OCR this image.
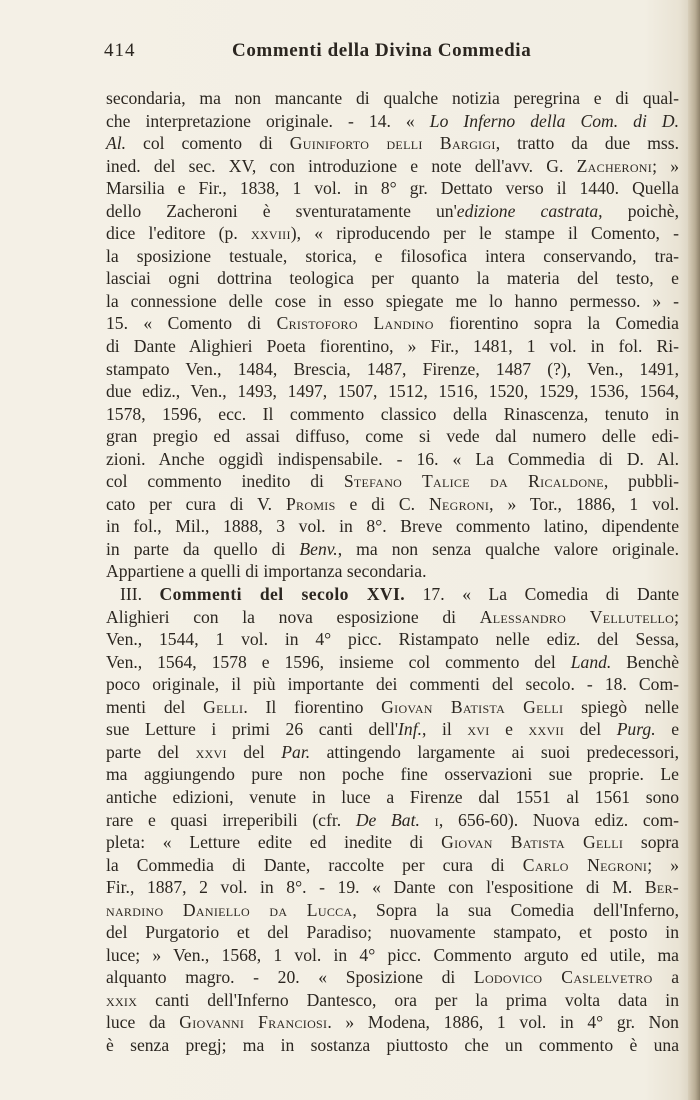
414	Commenti della Divina Commedia
secondaria, ma non mancante di qualche notizia peregrina e di qual-
che interpretazione originale. - 14. « Lo Inferno della Com. di D.
Al. col comento di Guiniforto delli Bargigi, tratto da due mss.
ined. del sec. XV, con introduzione e note dell'avv. G. Zacheroni; »
Marsilia e Fir., 1838, 1 vol. in 8° gr. Dettato verso il 1440. Quella
dello Zacheroni è sventuratamente un'edizione castrata, poichè,
dice l'editore (p. xxviii), « riproducendo per le stampe il Comento, -
la sposizione testuale, storica, e filosofica intera conservando, tra-
lasciai ogni dottrina teologica per quanto la materia del testo, e
la connessione delle cose in esso spiegate me lo hanno permesso. » -
15. « Comento di Cristoforo Landino fiorentino sopra la Comedia
di Dante Alighieri Poeta fiorentino, » Fir., 1481, 1 vol. in fol. Ri-
stampato Ven., 1484, Brescia, 1487, Firenze, 1487 (?), Ven., 1491,
due ediz., Ven., 1493, 1497, 1507, 1512, 1516, 1520, 1529, 1536, 1564,
1578, 1596, ecc. Il commento classico della Rinascenza, tenuto in
gran pregio ed assai diffuso, come si vede dal numero delle edi-
zioni. Anche oggidì indispensabile. - 16. « La Commedia di D. Al.
col commento inedito di Stefano Talice da Ricaldone, pubbli-
cato per cura di V. Promis e di C. Negroni, » Tor., 1886, 1 vol.
in fol., Mil., 1888, 3 vol. in 8°. Breve commento latino, dipendente
in parte da quello di Benv., ma non senza qualche valore originale.
Appartiene a quelli di importanza secondaria.
III. Commenti del secolo XVI. 17. « La Comedia di Dante
Alighieri con la nova esposizione di Alessandro Vellutello;
Ven., 1544, 1 vol. in 4° picc. Ristampato nelle ediz. del Sessa,
Ven., 1564, 1578 e 1596, insieme col commento del Land. Benchè
poco originale, il più importante dei commenti del secolo. - 18. Com-
menti del Gelli. Il fiorentino Giovan Batista Gelli spiegò nelle
sue Letture i primi 26 canti dell'Inf., il xvi e xxvii del Purg. e
parte del xxvi del Par. attingendo largamente ai suoi predecessori,
ma aggiungendo pure non poche fine osservazioni sue proprie. Le
antiche edizioni, venute in luce a Firenze dal 1551 al 1561 sono
rare e quasi irreperibili (cfr. De Bat. i, 656-60). Nuova ediz. com-
pleta: « Letture edite ed inedite di Giovan Batista Gelli sopra
la Commedia di Dante, raccolte per cura di Carlo Negroni; »
Fir., 1887, 2 vol. in 8°. - 19. « Dante con l'espositione di M. Ber-
nardino Daniello da Lucca, Sopra la sua Comedia dell'Inferno,
del Purgatorio et del Paradiso; nuovamente stampato, et posto in
luce; » Ven., 1568, 1 vol. in 4° picc. Commento arguto ed utile, ma
alquanto magro. - 20. « Sposizione di Lodovico Caslelvetro a
xxix canti dell'Inferno Dantesco, ora per la prima volta data in
luce da Giovanni Franciosi. » Modena, 1886, 1 vol. in 4° gr. Non
è senza pregj; ma in sostanza piuttosto che un commento è una
